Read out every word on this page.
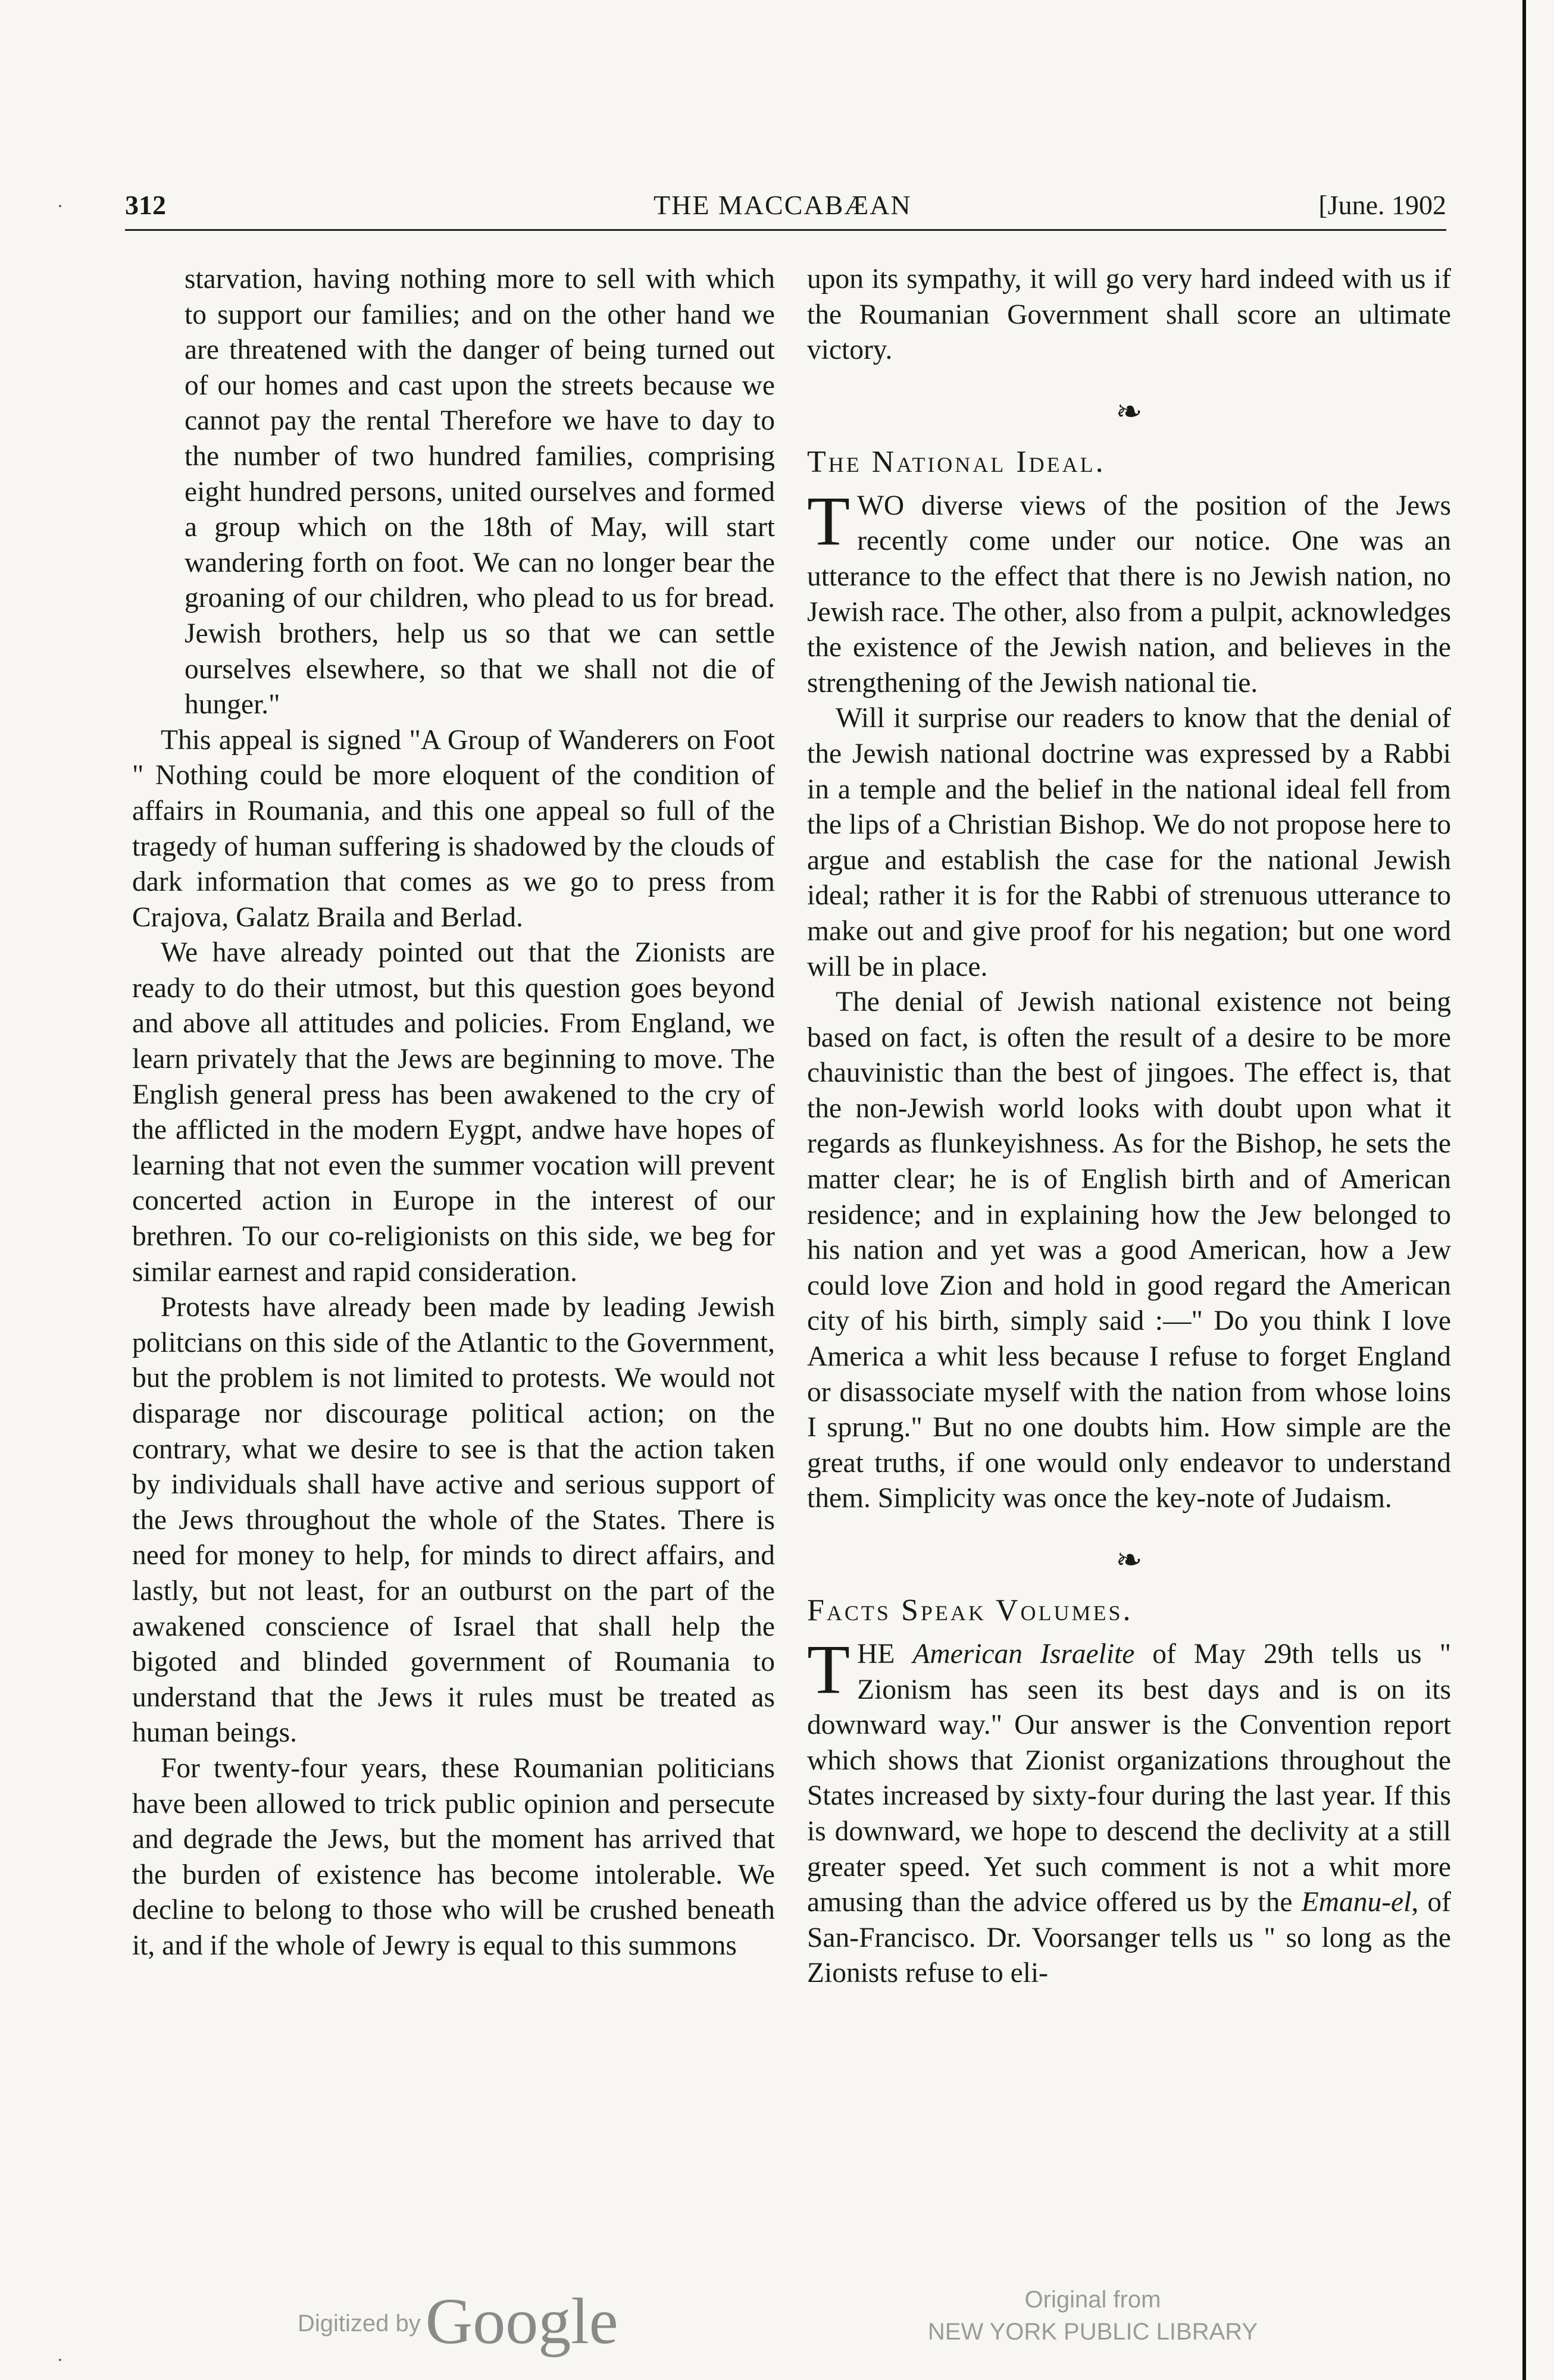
·
·
312	THE MACCABÆAN	[June. 1902

starvation, having nothing more to sell with which to support our families; and on the other hand we are threatened with the danger of being turned out of our homes and cast upon the streets because we cannot pay the rental Therefore we have to day to the number of two hundred families, comprising eight hundred persons, united ourselves and formed a group which on the 18th of May, will start wandering forth on foot. We can no longer bear the groaning of our children, who plead to us for bread. Jewish brothers, help us so that we can settle ourselves elsewhere, so that we shall not die of hunger."

This appeal is signed "A Group of Wanderers on Foot " Nothing could be more eloquent of the condition of affairs in Roumania, and this one appeal so full of the tragedy of human suffering is shadowed by the clouds of dark information that comes as we go to press from Crajova, Galatz Braila and Berlad.

We have already pointed out that the Zionists are ready to do their utmost, but this question goes beyond and above all attitudes and policies. From England, we learn privately that the Jews are beginning to move. The English general press has been awakened to the cry of the afflicted in the modern Eygpt, andwe have hopes of learning that not even the summer vocation will prevent concerted action in Europe in the interest of our brethren. To our co-religionists on this side, we beg for similar earnest and rapid consideration.

Protests have already been made by leading Jewish politcians on this side of the Atlantic to the Government, but the problem is not limited to protests. We would not disparage nor discourage political action; on the contrary, what we desire to see is that the action taken by individuals shall have active and serious support of the Jews throughout the whole of the States. There is need for money to help, for minds to direct affairs, and lastly, but not least, for an outburst on the part of the awakened conscience of Israel that shall help the bigoted and blinded government of Roumania to understand that the Jews it rules must be treated as human beings.

For twenty-four years, these Roumanian politicians have been allowed to trick public opinion and persecute and degrade the Jews, but the moment has arrived that the burden of existence has become intolerable. We decline to belong to those who will be crushed beneath it, and if the whole of Jewry is equal to this summons

upon its sympathy, it will go very hard indeed with us if the Roumanian Government shall score an ultimate victory.

❧
The National Ideal.

TWO diverse views of the position of the Jews recently come under our notice. One was an utterance to the effect that there is no Jewish nation, no Jewish race. The other, also from a pulpit, acknowledges the existence of the Jewish nation, and believes in the strengthening of the Jewish national tie.

Will it surprise our readers to know that the denial of the Jewish national doctrine was expressed by a Rabbi in a temple and the belief in the national ideal fell from the lips of a Christian Bishop. We do not propose here to argue and establish the case for the national Jewish ideal; rather it is for the Rabbi of strenuous utterance to make out and give proof for his negation; but one word will be in place.

The denial of Jewish national existence not being based on fact, is often the result of a desire to be more chauvinistic than the best of jingoes. The effect is, that the non-Jewish world looks with doubt upon what it regards as flunkeyishness. As for the Bishop, he sets the matter clear; he is of English birth and of American residence; and in explaining how the Jew belonged to his nation and yet was a good American, how a Jew could love Zion and hold in good regard the American city of his birth, simply said :—" Do you think I love America a whit less because I refuse to forget England or disassociate myself with the nation from whose loins I sprung." But no one doubts him. How simple are the great truths, if one would only endeavor to understand them. Simplicity was once the key-note of Judaism.

❧
Facts Speak Volumes.

THE American Israelite of May 29th tells us " Zionism has seen its best days and is on its downward way." Our answer is the Convention report which shows that Zionist organizations throughout the States increased by sixty-four during the last year. If this is downward, we hope to descend the declivity at a still greater speed. Yet such comment is not a whit more amusing than the advice offered us by the Emanu-el, of San-Francisco. Dr. Voorsanger tells us " so long as the Zionists refuse to eli-

Digitized byGoogle	Original from
NEW YORK PUBLIC LIBRARY
